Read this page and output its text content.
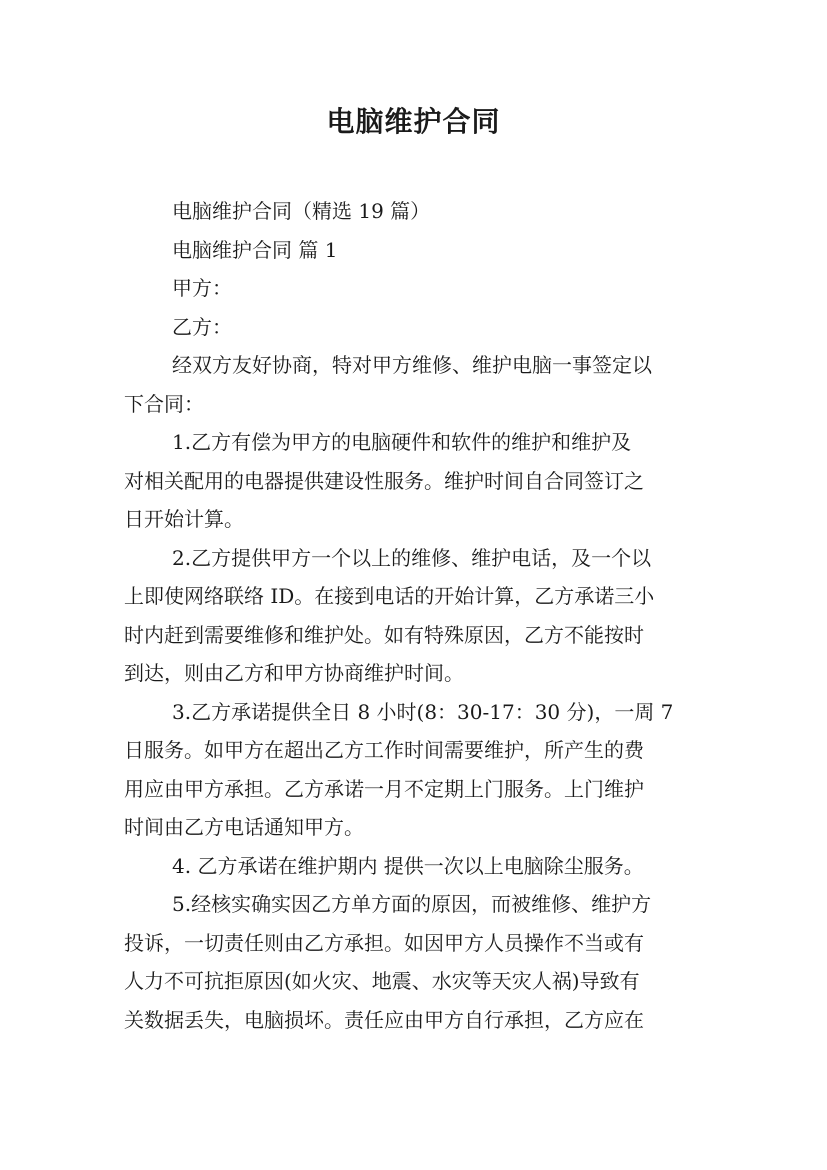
电脑维护合同
电脑维护合同（精选 19 篇）
电脑维护合同 篇 1
甲方：
乙方：
经双方友好协商，特对甲方维修、维护电脑一事签定以
下合同：
1.乙方有偿为甲方的电脑硬件和软件的维护和维护及
对相关配用的电器提供建设性服务。维护时间自合同签订之
日开始计算。
2.乙方提供甲方一个以上的维修、维护电话，及一个以
上即使网络联络 ID。在接到电话的开始计算，乙方承诺三小
时内赶到需要维修和维护处。如有特殊原因，乙方不能按时
到达，则由乙方和甲方协商维护时间。
3.乙方承诺提供全日 8 小时(8：30-17：30 分)，一周 7
日服务。如甲方在超出乙方工作时间需要维护，所产生的费
用应由甲方承担。乙方承诺一月不定期上门服务。上门维护
时间由乙方电话通知甲方。
4. 乙方承诺在维护期内 提供一次以上电脑除尘服务。
5.经核实确实因乙方单方面的原因，而被维修、维护方
投诉，一切责任则由乙方承担。如因甲方人员操作不当或有
人力不可抗拒原因(如火灾、地震、水灾等天灾人祸)导致有
关数据丢失，电脑损坏。责任应由甲方自行承担，乙方应在
